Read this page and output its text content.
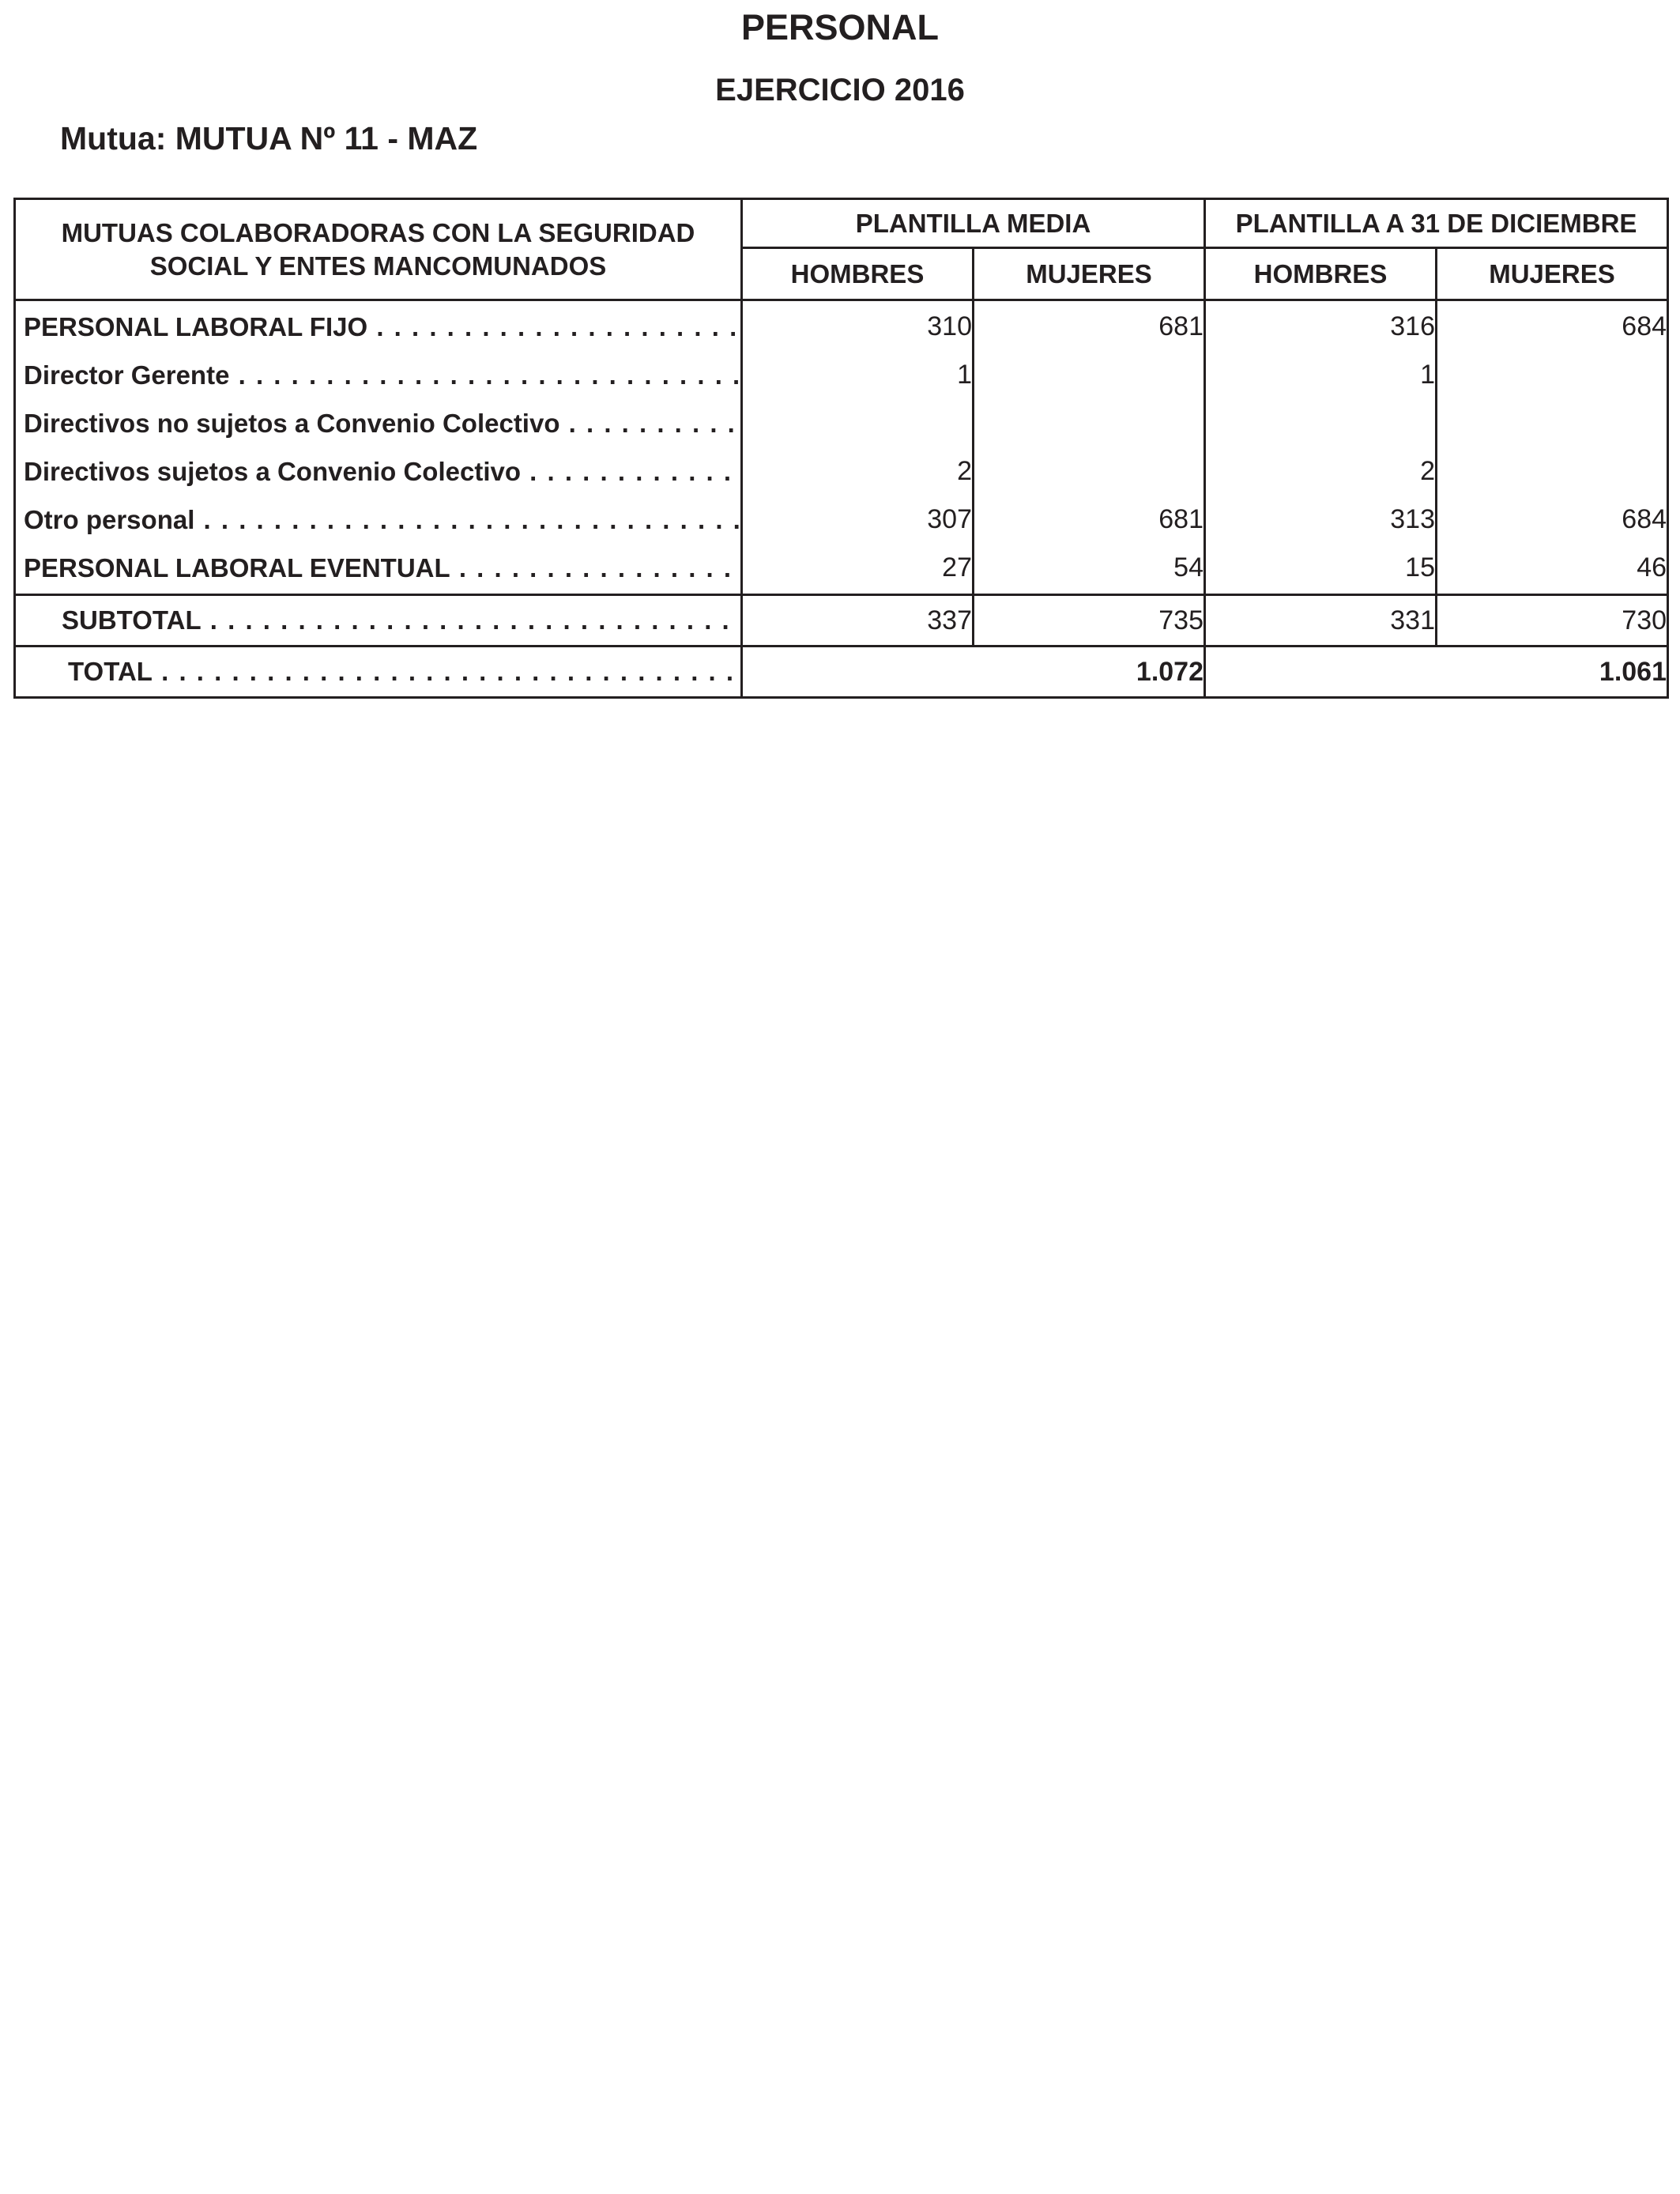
PERSONAL
EJERCICIO 2016

Mutua: MUTUA Nº 11 - MAZ

MUTUAS COLABORADORAS CON LA SEGURIDAD
SOCIAL Y ENTES MANCOMUNADOS	PLANTILLA MEDIA		PLANTILLA A 31 DE DICIEMBRE	
	HOMBRES	MUJERES	HOMBRES	MUJERES

PERSONAL LABORAL FIJO . . .	310	681	316	684

Director Gerente . . .	1		1	

Directivos no sujetos a Convenio Colectivo . . .

Directivos sujetos a Convenio Colectivo . . .	2		2	

Otro personal . . .	307	681	313	684

PERSONAL LABORAL EVENTUAL . . .	27	54	15	46

SUBTOTAL . . .	337	735	331	730

TOTAL . . .	1.072		1.061	
